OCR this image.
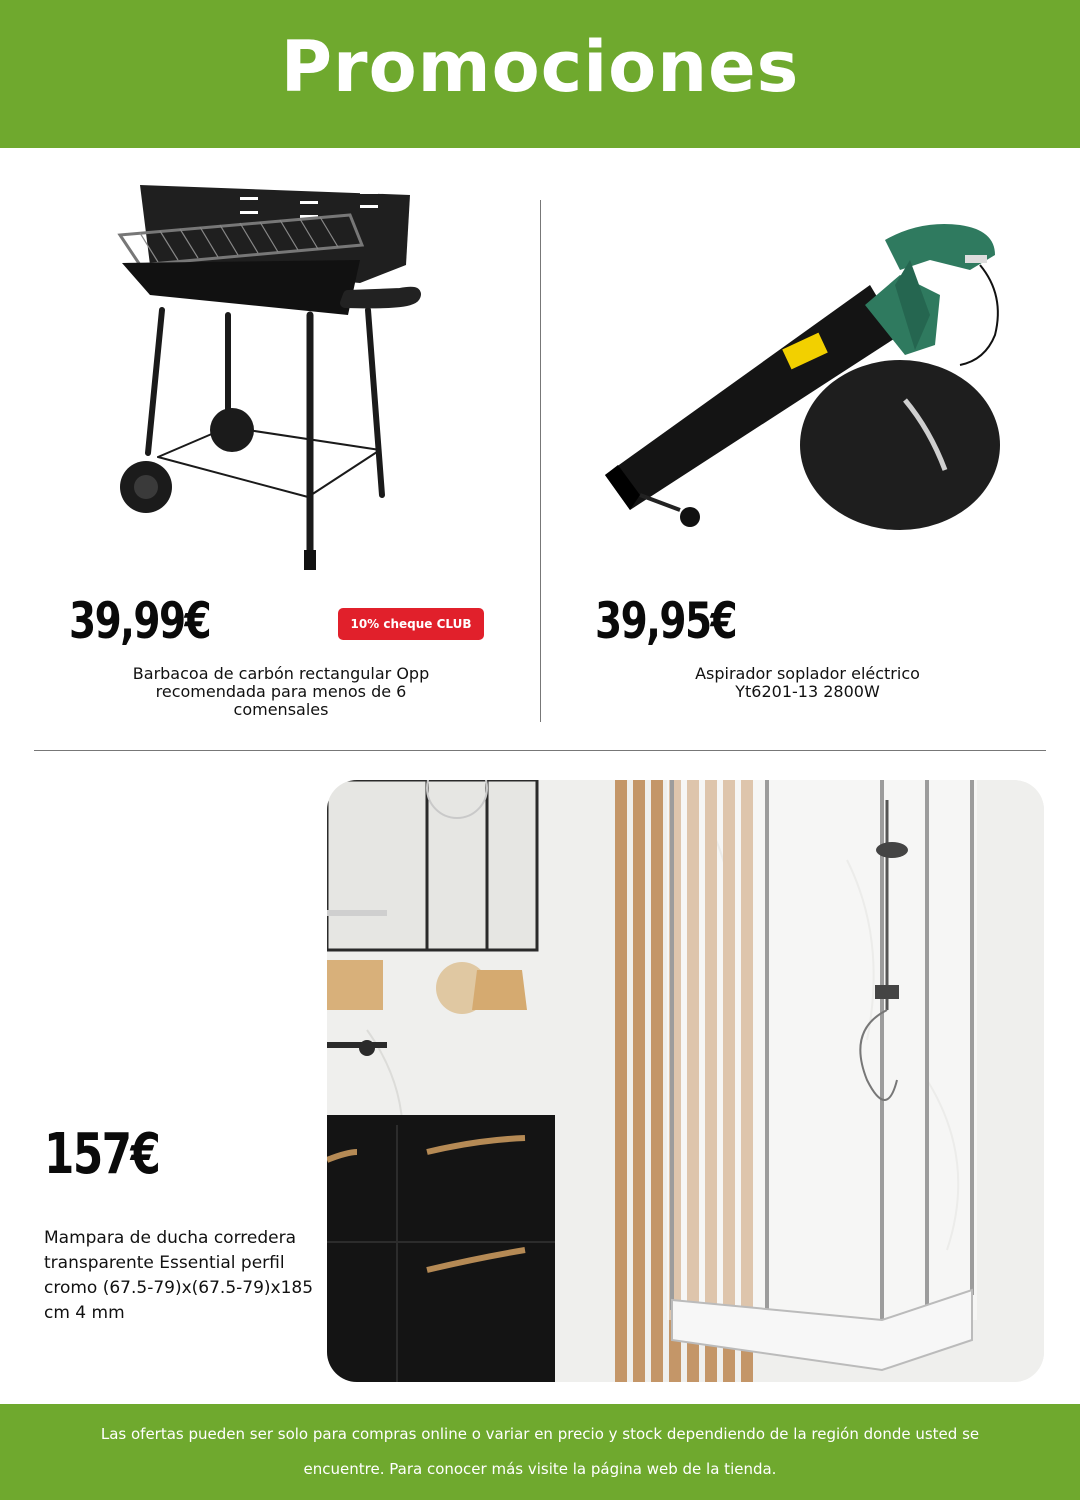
Promociones
39,99€	10% cheque CLUB
Barbacoa de carbón rectangular Opp recomendada para menos de 6 comensales
39,95€
Aspirador soplador eléctrico Yt6201-13 2800W
157€
Mampara de ducha corredera transparente Essential perfil cromo (67.5-79)x(67.5-79)x185 cm 4 mm

Las ofertas pueden ser solo para compras online o variar en precio y stock dependiendo de la región donde usted se encuentre. Para conocer más visite la página web de la tienda.
